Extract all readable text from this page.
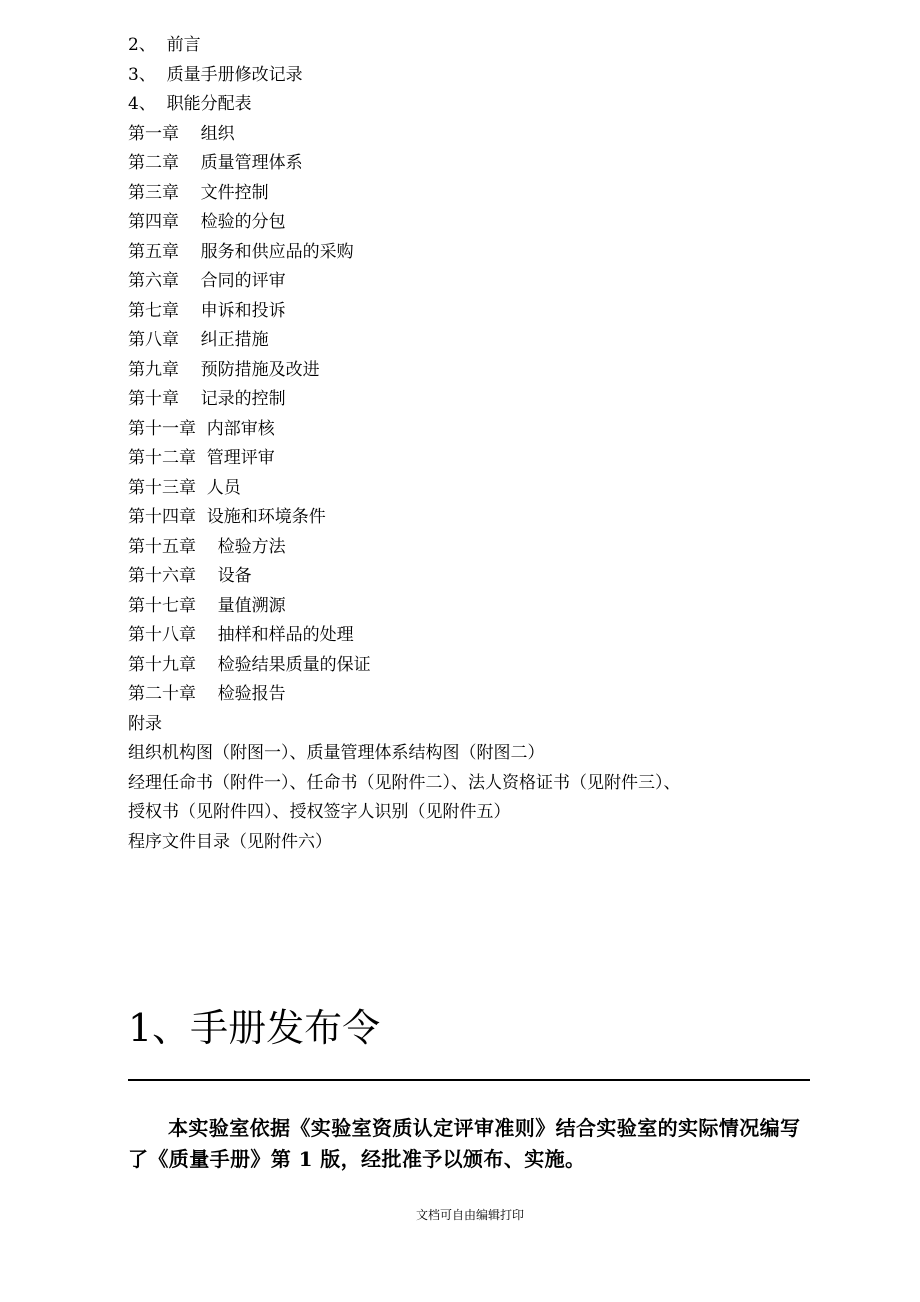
2、  前言
3、  质量手册修改记录
4、  职能分配表
第一章    组织
第二章    质量管理体系
第三章    文件控制
第四章    检验的分包
第五章    服务和供应品的采购
第六章    合同的评审
第七章    申诉和投诉
第八章    纠正措施
第九章    预防措施及改进
第十章    记录的控制
第十一章  内部审核
第十二章  管理评审
第十三章  人员
第十四章  设施和环境条件
第十五章    检验方法
第十六章    设备
第十七章    量值溯源
第十八章    抽样和样品的处理
第十九章    检验结果质量的保证
第二十章    检验报告
附录
组织机构图（附图一）、质量管理体系结构图（附图二）
经理任命书（附件一）、任命书（见附件二）、法人资格证书（见附件三）、
授权书（见附件四）、授权签字人识别（见附件五）
程序文件目录（见附件六）
1、手册发布令
本实验室依据《实验室资质认定评审准则》结合实验室的实际情况编写了《质量手册》第 1 版，经批准予以颁布、实施。
文档可自由编辑打印
